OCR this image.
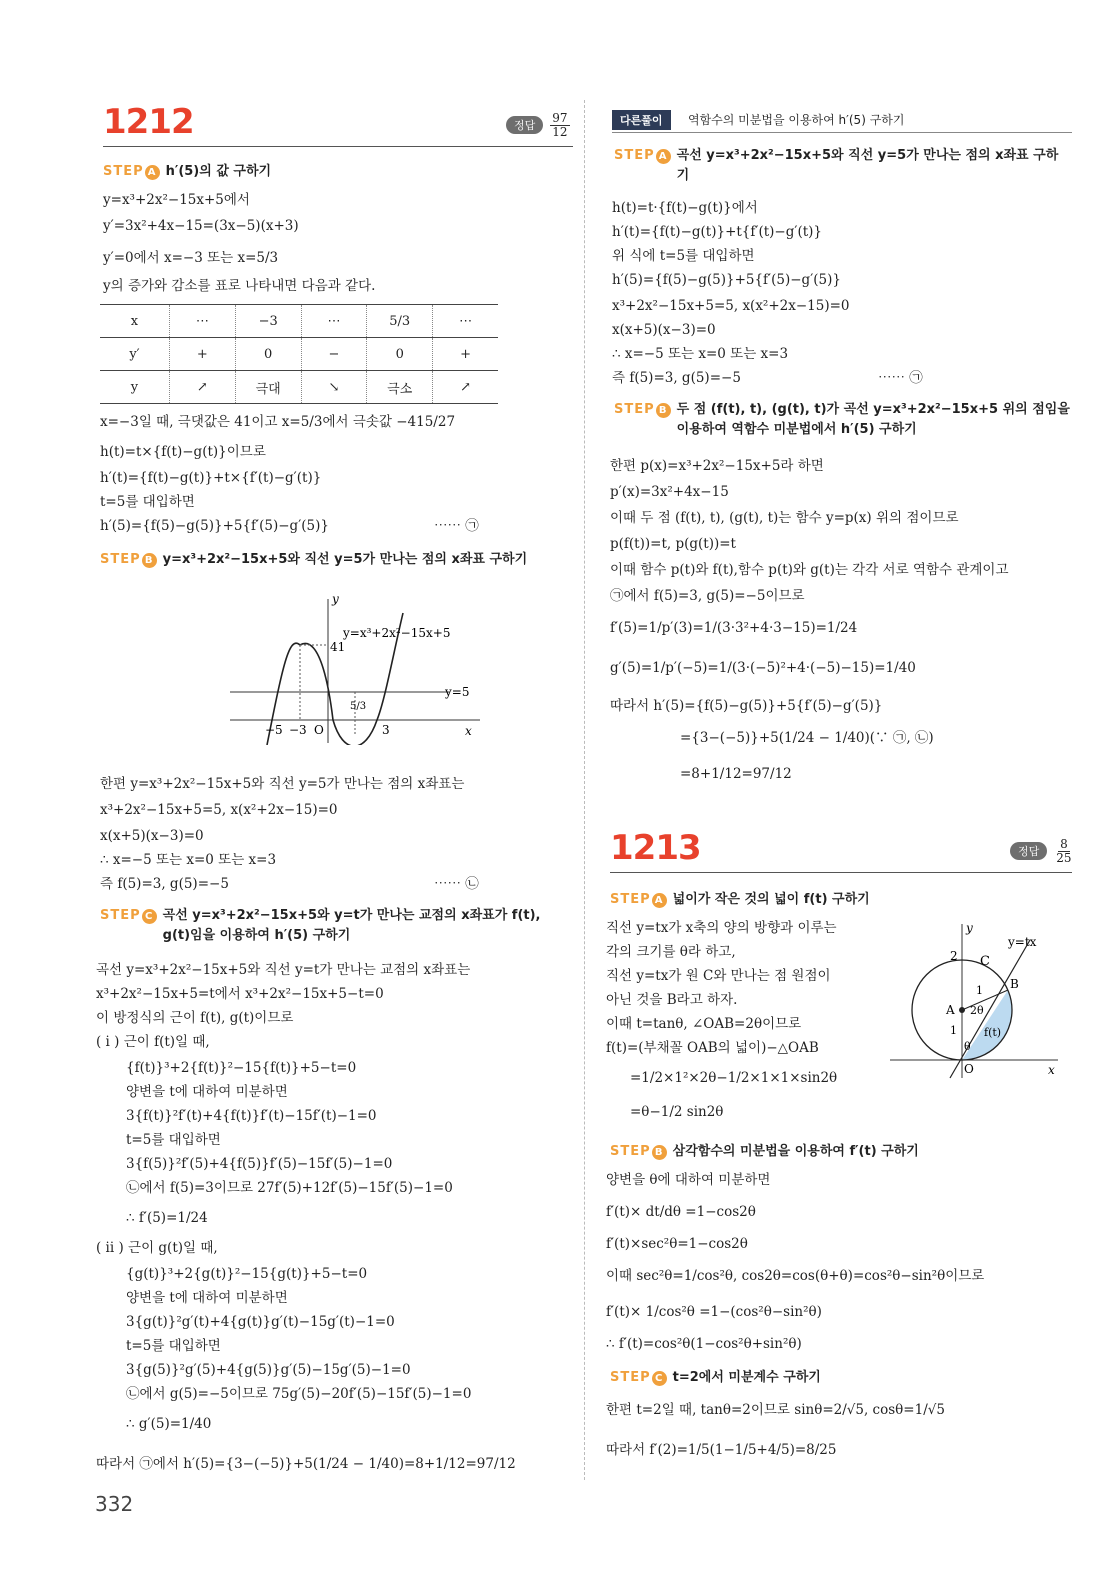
1212	정답	$\frac{97}{12}$
STEP A h′(5)의 값 구하기
y=x³+2x²−15x+5에서
y′=3x²+4x−15=(3x−5)(x+3)
y′=0에서 x=−3 또는 x=5/3
y의 증가와 감소를 표로 나타내면 다음과 같다.
x	⋯	−3	⋯	5/3	⋯
y′	+	0	−	0	+
y	↗	극대	↘	극소	↗
x=−3일 때, 극댓값은 41이고 x=5/3에서 극솟값 −415/27
h(t)=t×{f(t)−g(t)}이므로
h′(t)={f(t)−g(t)}+t×{f′(t)−g′(t)}
t=5를 대입하면
h′(5)={f(5)−g(5)}+5{f′(5)−g′(5)}	⋯⋯ ㉠
STEP B y=x³+2x²−15x+5와 직선 y=5가 만나는 점의 x좌표 구하기
y
x
y=x³+2x²−15x+5
y=5
41
−5 −3 O
5/3
3
한편 y=x³+2x²−15x+5와 직선 y=5가 만나는 점의 x좌표는
x³+2x²−15x+5=5, x(x²+2x−15)=0
x(x+5)(x−3)=0
∴ x=−5 또는 x=0 또는 x=3
즉 f(5)=3, g(5)=−5	⋯⋯ ㉡
STEP C 곡선 y=x³+2x²−15x+5와 y=t가 만나는 교점의 x좌표가 f(t), g(t)임을 이용하여 h′(5) 구하기
곡선 y=x³+2x²−15x+5와 직선 y=t가 만나는 교점의 x좌표는
x³+2x²−15x+5=t에서 x³+2x²−15x+5−t=0
이 방정식의 근이 f(t), g(t)이므로
( i ) 근이 f(t)일 때,
{f(t)}³+2{f(t)}²−15{f(t)}+5−t=0
양변을 t에 대하여 미분하면
3{f(t)}²f′(t)+4{f(t)}f′(t)−15f′(t)−1=0
t=5를 대입하면
3{f(5)}²f′(5)+4{f(5)}f′(5)−15f′(5)−1=0
㉡에서 f(5)=3이므로 27f′(5)+12f′(5)−15f′(5)−1=0
∴ f′(5)=1/24
( ii ) 근이 g(t)일 때,
{g(t)}³+2{g(t)}²−15{g(t)}+5−t=0
양변을 t에 대하여 미분하면
3{g(t)}²g′(t)+4{g(t)}g′(t)−15g′(t)−1=0
t=5를 대입하면
3{g(5)}²g′(5)+4{g(5)}g′(5)−15g′(5)−1=0
㉡에서 g(5)=−5이므로 75g′(5)−20f′(5)−15f′(5)−1=0
∴ g′(5)=1/40
따라서 ㉠에서 h′(5)={3−(−5)}+5(1/24 − 1/40)=8+1/12=97/12
332
다른풀이	역함수의 미분법을 이용하여 h′(5) 구하기
STEP A 곡선 y=x³+2x²−15x+5와 직선 y=5가 만나는 점의 x좌표 구하기
h(t)=t·{f(t)−g(t)}에서
h′(t)={f(t)−g(t)}+t{f′(t)−g′(t)}
위 식에 t=5를 대입하면
h′(5)={f(5)−g(5)}+5{f′(5)−g′(5)}
x³+2x²−15x+5=5, x(x²+2x−15)=0
x(x+5)(x−3)=0
∴ x=−5 또는 x=0 또는 x=3
즉 f(5)=3, g(5)=−5	⋯⋯ ㉠
STEP B 두 점 (f(t), t), (g(t), t)가 곡선 y=x³+2x²−15x+5 위의 점임을 이용하여 역함수 미분법에서 h′(5) 구하기
한편 p(x)=x³+2x²−15x+5라 하면
p′(x)=3x²+4x−15
이때 두 점 (f(t), t), (g(t), t)는 함수 y=p(x) 위의 점이므로
p(f(t))=t, p(g(t))=t
이때 함수 p(t)와 f(t),함수 p(t)와 g(t)는 각각 서로 역함수 관계이고
㉠에서 f(5)=3, g(5)=−5이므로
f′(5)=1/p′(3)=1/(3·3²+4·3−15)=1/24
g′(5)=1/p′(−5)=1/(3·(−5)²+4·(−5)−15)=1/40
따라서 h′(5)={f(5)−g(5)}+5{f′(5)−g′(5)}
={3−(−5)}+5(1/24 − 1/40)(∵ ㉠, ㉡)
=8+1/12=97/12
1213	정답	$\frac{8}{25}$
STEP A 넓이가 작은 것의 넓이 f(t) 구하기
직선 y=tx가 x축의 양의 방향과 이루는
각의 크기를 θ라 하고,
직선 y=tx가 원 C와 만나는 점 원점이
아닌 것을 B라고 하자.
이때 t=tanθ, ∠OAB=2θ이므로
f(t)=(부채꼴 OAB의 넓이)−△OAB
=1/2×1²×2θ−1/2×1×1×sin2θ
=θ−1/2 sin2θ
y
x
2 C
y=tx
A
B
1
1
2θ
f(t)
θ
O
STEP B 삼각함수의 미분법을 이용하여 f′(t) 구하기
양변을 θ에 대하여 미분하면
f′(t)× dt/dθ =1−cos2θ
f′(t)×sec²θ=1−cos2θ
이때 sec²θ=1/cos²θ, cos2θ=cos(θ+θ)=cos²θ−sin²θ이므로
f′(t)× 1/cos²θ =1−(cos²θ−sin²θ)
∴ f′(t)=cos²θ(1−cos²θ+sin²θ)
STEP C t=2에서 미분계수 구하기
한편 t=2일 때, tanθ=2이므로 sinθ=2/√5, cosθ=1/√5
따라서 f′(2)=1/5(1−1/5+4/5)=8/25
